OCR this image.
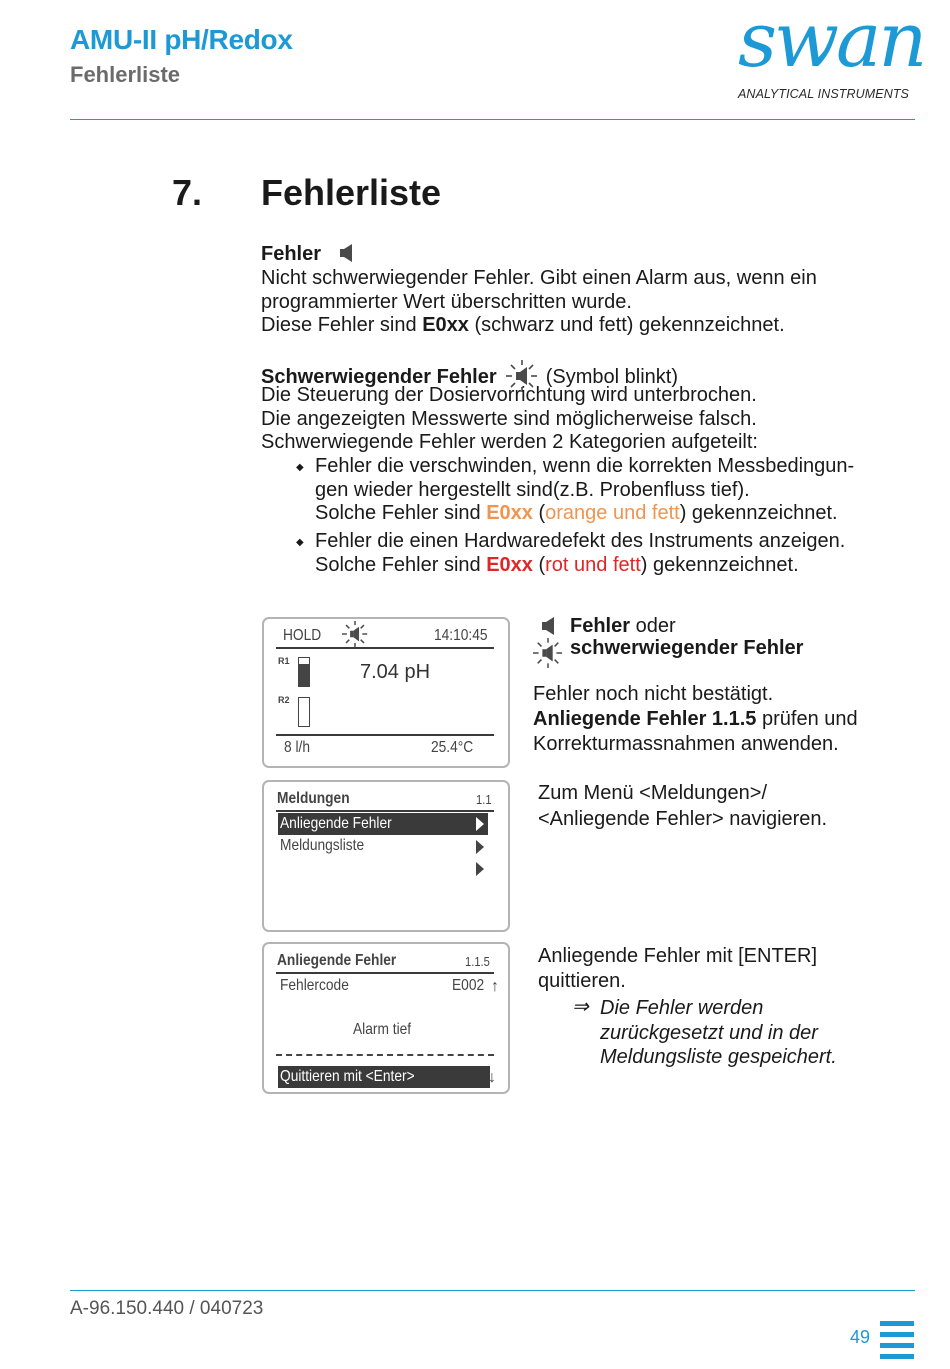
AMU-II pH/Redox
Fehlerliste	swan
ANALYTICAL INSTRUMENTS
7. Fehlerliste
Fehler
Nicht schwerwiegender Fehler. Gibt einen Alarm aus, wenn ein
programmierter Wert überschritten wurde.
Diese Fehler sind E0xx (schwarz und fett) gekennzeichnet.
Schwerwiegender Fehler (Symbol blinkt)
Die Steuerung der Dosiervorrichtung wird unterbrochen.
Die angezeigten Messwerte sind möglicherweise falsch.
Schwerwiegende Fehler werden 2 Kategorien aufgeteilt:
◆ Fehler die verschwinden, wenn die korrekten Messbedingun-
gen wieder hergestellt sind(z.B. Probenfluss tief).
Solche Fehler sind E0xx (orange und fett) gekennzeichnet.
◆ Fehler die einen Hardwaredefekt des Instruments anzeigen.
Solche Fehler sind E0xx (rot und fett) gekennzeichnet.
HOLD	14:10:45
R1	7.04 pH
R2
8 l/h	25.4°C
Fehler oder
schwerwiegender Fehler
Fehler noch nicht bestätigt.
Anliegende Fehler 1.1.5 prüfen und
Korrekturmassnahmen anwenden.
Meldungen	1.1
Anliegende Fehler
Meldungsliste
Zum Menü <Meldungen>/
<Anliegende Fehler> navigieren.
Anliegende Fehler	1.1.5
Fehlercode	E002 ↑
Alarm tief
Quittieren mit <Enter>	↓
Anliegende Fehler mit [ENTER]
quittieren.
⇒ Die Fehler werden
zurückgesetzt und in der
Meldungsliste gespeichert.
A-96.150.440 / 040723
49
